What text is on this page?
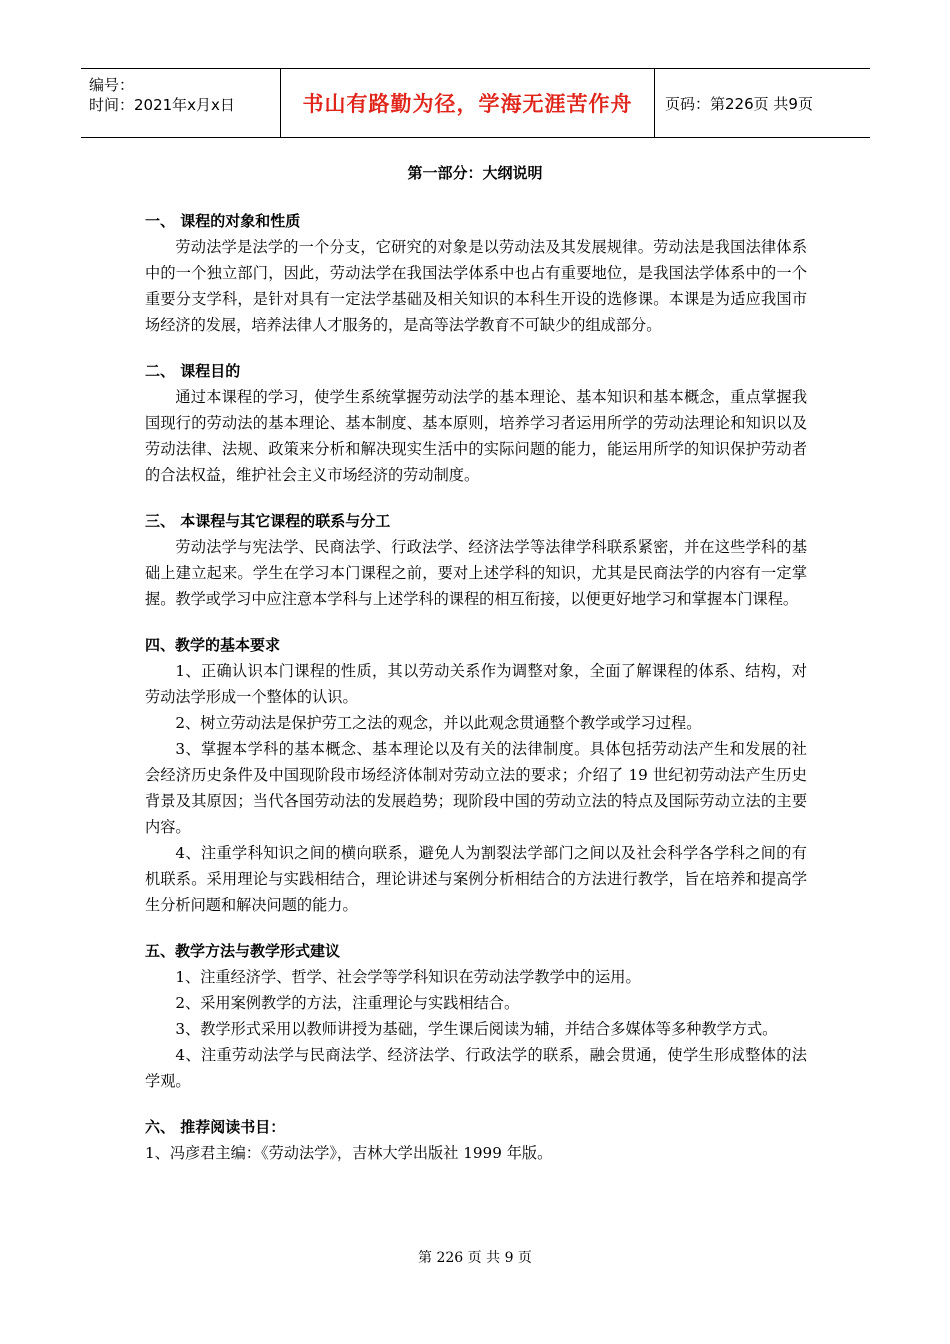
编号：
时间：2021年x月x日	书山有路勤为径，学海无涯苦作舟	页码：第226页 共9页
第一部分：大纲说明
一、 课程的对象和性质

劳动法学是法学的一个分支，它研究的对象是以劳动法及其发展规律。劳动法是我国法律体系中的一个独立部门，因此，劳动法学在我国法学体系中也占有重要地位，是我国法学体系中的一个重要分支学科，是针对具有一定法学基础及相关知识的本科生开设的选修课。本课是为适应我国市场经济的发展，培养法律人才服务的，是高等法学教育不可缺少的组成部分。

二、 课程目的

通过本课程的学习，使学生系统掌握劳动法学的基本理论、基本知识和基本概念，重点掌握我国现行的劳动法的基本理论、基本制度、基本原则，培养学习者运用所学的劳动法理论和知识以及劳动法律、法规、政策来分析和解决现实生活中的实际问题的能力，能运用所学的知识保护劳动者的合法权益，维护社会主义市场经济的劳动制度。

三、 本课程与其它课程的联系与分工

劳动法学与宪法学、民商法学、行政法学、经济法学等法律学科联系紧密，并在这些学科的基础上建立起来。学生在学习本门课程之前，要对上述学科的知识，尤其是民商法学的内容有一定掌握。教学或学习中应注意本学科与上述学科的课程的相互衔接，以便更好地学习和掌握本门课程。

四、教学的基本要求

1、正确认识本门课程的性质，其以劳动关系作为调整对象，全面了解课程的体系、结构，对劳动法学形成一个整体的认识。

2、树立劳动法是保护劳工之法的观念，并以此观念贯通整个教学或学习过程。

3、掌握本学科的基本概念、基本理论以及有关的法律制度。具体包括劳动法产生和发展的社会经济历史条件及中国现阶段市场经济体制对劳动立法的要求；介绍了 19 世纪初劳动法产生历史背景及其原因；当代各国劳动法的发展趋势；现阶段中国的劳动立法的特点及国际劳动立法的主要内容。

4、注重学科知识之间的横向联系，避免人为割裂法学部门之间以及社会科学各学科之间的有机联系。采用理论与实践相结合，理论讲述与案例分析相结合的方法进行教学，旨在培养和提高学生分析问题和解决问题的能力。

五、教学方法与教学形式建议

1、注重经济学、哲学、社会学等学科知识在劳动法学教学中的运用。

2、采用案例教学的方法，注重理论与实践相结合。

3、教学形式采用以教师讲授为基础，学生课后阅读为辅，并结合多媒体等多种教学方式。

4、注重劳动法学与民商法学、经济法学、行政法学的联系，融会贯通，使学生形成整体的法学观。

六、 推荐阅读书目：

1、冯彦君主编：《劳动法学》，吉林大学出版社 1999 年版。

第 226 页 共 9 页
